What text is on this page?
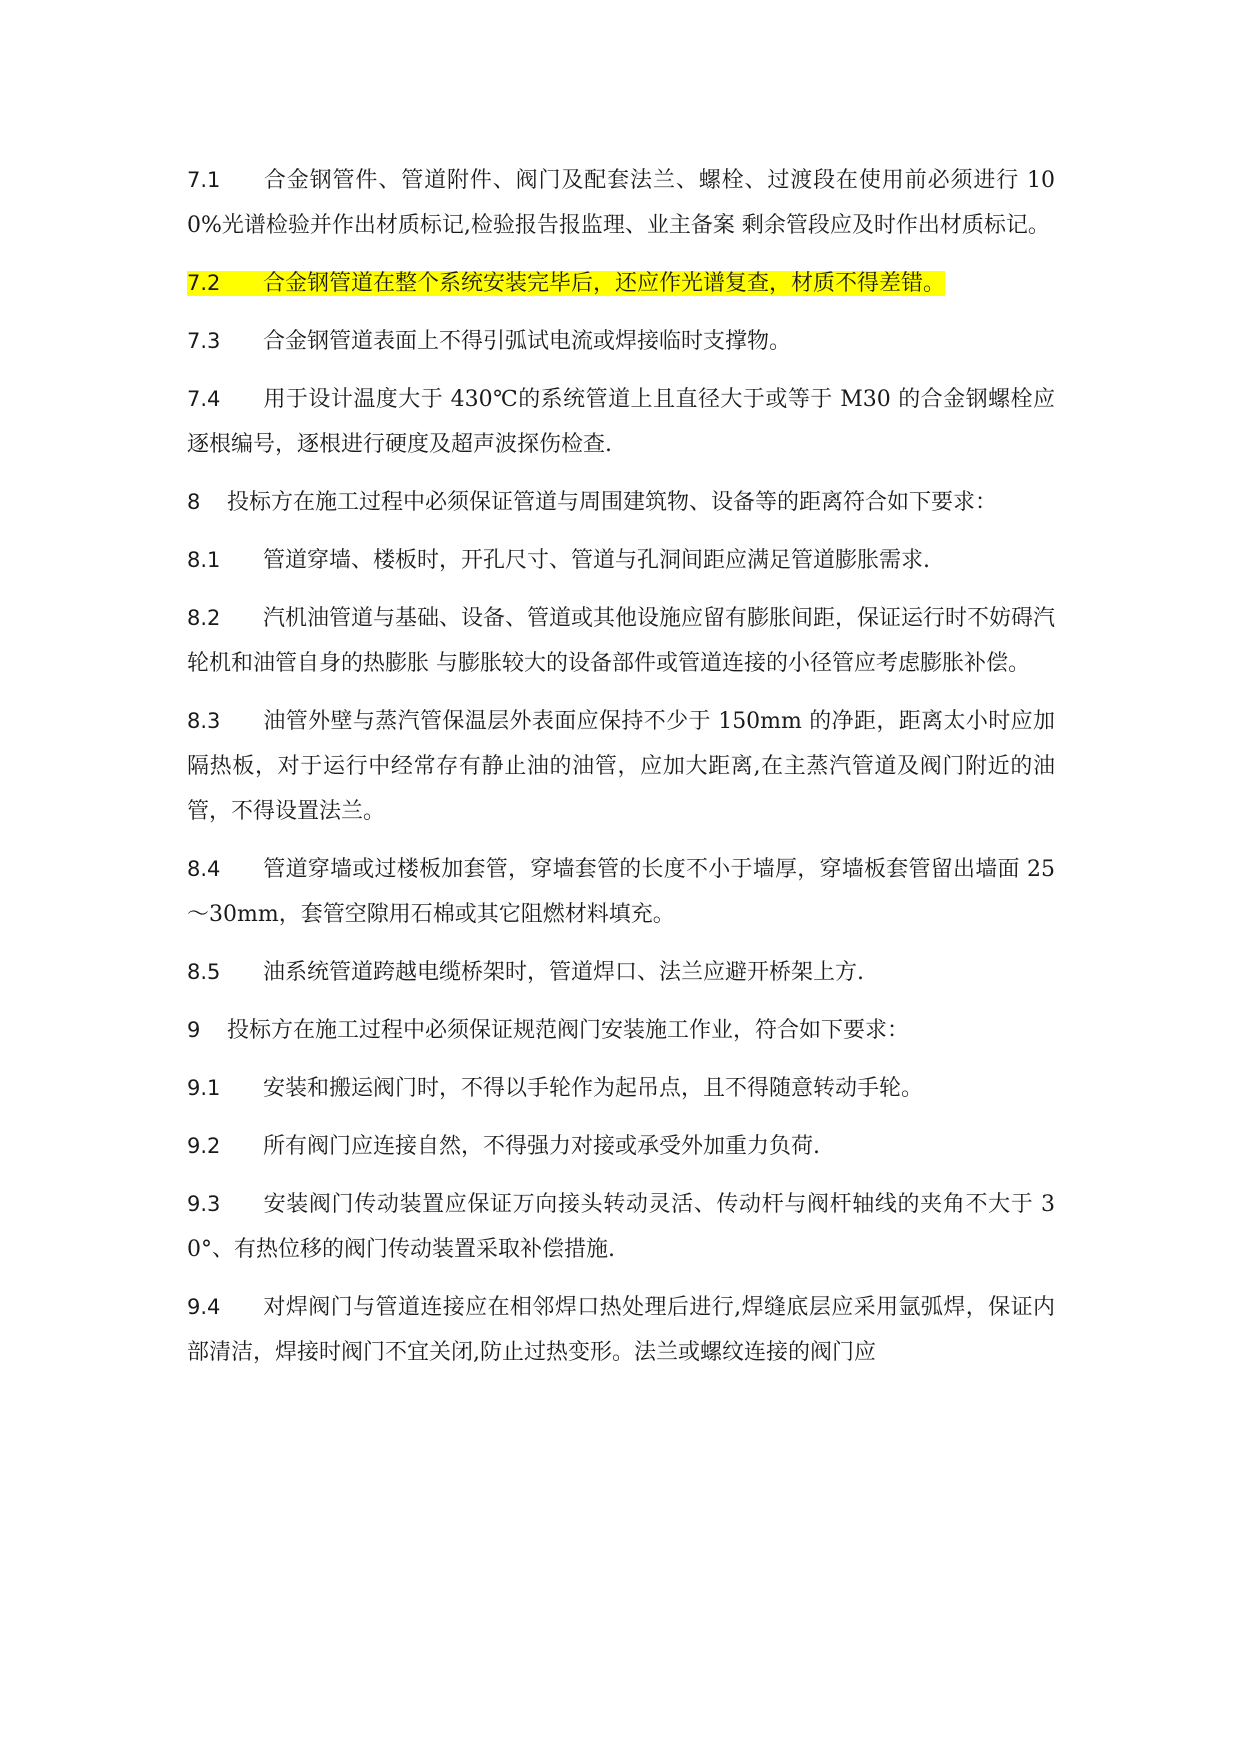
7.1 合金钢管件、管道附件、阀门及配套法兰、螺栓、过渡段在使用前必须进行 100%光谱检验并作出材质标记,检验报告报监理、业主备案 剩余管段应及时作出材质标记。

7.2 合金钢管道在整个系统安装完毕后，还应作光谱复查，材质不得差错。

7.3 合金钢管道表面上不得引弧试电流或焊接临时支撑物。

7.4 用于设计温度大于 430℃的系统管道上且直径大于或等于 M30 的合金钢螺栓应逐根编号，逐根进行硬度及超声波探伤检查.

8 投标方在施工过程中必须保证管道与周围建筑物、设备等的距离符合如下要求：

8.1 管道穿墙、楼板时，开孔尺寸、管道与孔洞间距应满足管道膨胀需求.

8.2 汽机油管道与基础、设备、管道或其他设施应留有膨胀间距，保证运行时不妨碍汽轮机和油管自身的热膨胀 与膨胀较大的设备部件或管道连接的小径管应考虑膨胀补偿。

8.3 油管外壁与蒸汽管保温层外表面应保持不少于 150mm 的净距，距离太小时应加隔热板，对于运行中经常存有静止油的油管，应加大距离,在主蒸汽管道及阀门附近的油管，不得设置法兰。

8.4 管道穿墙或过楼板加套管，穿墙套管的长度不小于墙厚，穿墙板套管留出墙面 25～30mm，套管空隙用石棉或其它阻燃材料填充。

8.5 油系统管道跨越电缆桥架时，管道焊口、法兰应避开桥架上方.

9 投标方在施工过程中必须保证规范阀门安装施工作业，符合如下要求：

9.1 安装和搬运阀门时，不得以手轮作为起吊点，且不得随意转动手轮。

9.2 所有阀门应连接自然，不得强力对接或承受外加重力负荷.

9.3 安装阀门传动装置应保证万向接头转动灵活、传动杆与阀杆轴线的夹角不大于 30°、有热位移的阀门传动装置采取补偿措施.

9.4 对焊阀门与管道连接应在相邻焊口热处理后进行,焊缝底层应采用氩弧焊，保证内部清洁，焊接时阀门不宜关闭,防止过热变形。法兰或螺纹连接的阀门应
